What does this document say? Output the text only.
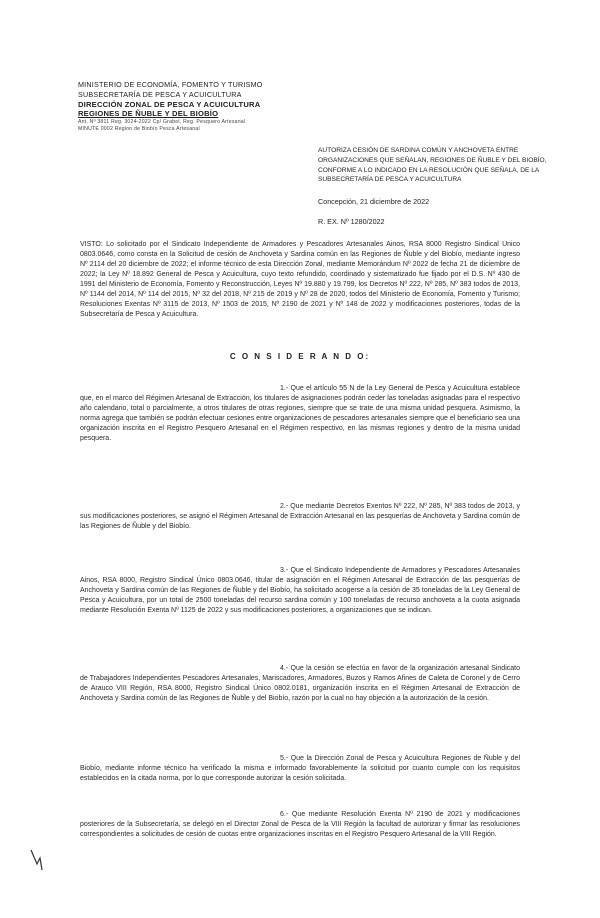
MINISTERIO DE ECONOMÍA, FOMENTO Y TURISMO
SUBSECRETARÍA DE PESCA Y ACUICULTURA
DIRECCIÓN ZONAL DE PESCA Y ACUICULTURA
REGIONES DE ÑUBLE Y DEL BIOBÍO
Ant. Nº 3811 Reg. 3024-2022 Cp/ Grabel, Reg. Pesquero Artesanal
MINUTE 0002 Region de Biobío Pesca Artesanal
AUTORIZA CESIÓN DE SARDINA COMÚN Y ANCHOVETA ENTRE
ORGANIZACIONES QUE SEÑALAN, REGIONES DE ÑUBLE Y DEL BIOBÍO,
CONFORME A LO INDICADO EN LA RESOLUCIÓN QUE SEÑALA, DE LA
SUBSECRETARÍA DE PESCA Y ACUICULTURA
Concepción, 21 diciembre de 2022
R. EX. Nº 1280/2022
VISTO: Lo solicitado por el Sindicato Independiente de Armadores y Pescadores Artesanales Ainos, RSA 8000 Registro Sindical Único 0803.0646, como consta en la Solicitud de cesión de Anchoveta y Sardina común en las Regiones de Ñuble y del Biobío, mediante ingreso Nº 2114 del 20 diciembre de 2022; el informe técnico de esta Dirección Zonal, mediante Memorándum Nº 2022 de fecha 21 de diciembre de 2022; la Ley Nº 18.892 General de Pesca y Acuicultura, cuyo texto refundido, coordinado y sistematizado fue fijado por el D.S. Nº 430 de 1991 del Ministerio de Economía, Fomento y Reconstrucción, Leyes Nº 19.880 y 19.799, los Decretos Nº 222, Nº 285, Nº 383 todos de 2013, Nº 1144 del 2014, Nº 114 del 2015, Nº 32 del 2018, Nº 215 de 2019 y Nº 28 de 2020, todos del Ministerio de Economía, Fomento y Turismo; Resoluciones Exentas Nº 3115 de 2013, Nº 1503 de 2015, Nº 2190 de 2021 y Nº 148 de 2022 y modificaciones posteriores, todas de la Subsecretaría de Pesca y Acuicultura.
C O N S I D E R A N D O:
1.- Que el artículo 55 N de la Ley General de Pesca y Acuicultura establece que, en el marco del Régimen Artesanal de Extracción, los titulares de asignaciones podrán ceder las toneladas asignadas para el respectivo año calendario, total o parcialmente, a otros titulares de otras regiones, siempre que se trate de una misma unidad pesquera. Asimismo, la norma agrega que también se podrán efectuar cesiones entre organizaciones de pescadores artesanales siempre que el beneficiario sea una organización inscrita en el Registro Pesquero Artesanal en el Régimen respectivo, en las mismas regiones y dentro de la misma unidad pesquera.
2.- Que mediante Decretos Exentos Nº 222, Nº 285, Nº 383 todos de 2013, y sus modificaciones posteriores, se asignó el Régimen Artesanal de Extracción Artesanal en las pesquerías de Anchoveta y Sardina común de las Regiones de Ñuble y del Biobío.
3.- Que el Sindicato Independiente de Armadores y Pescadores Artesanales Ainos, RSA 8000, Registro Sindical Único 0803.0646, titular de asignación en el Régimen Artesanal de Extracción de las pesquerías de Anchoveta y Sardina común de las Regiones de Ñuble y del Biobío, ha solicitado acogerse a la cesión de 35 toneladas de la Ley General de Pesca y Acuicultura, por un total de 2500 toneladas del recurso sardina común y 100 toneladas de recurso anchoveta a la cuota asignada mediante Resolución Exenta Nº 1125 de 2022 y sus modificaciones posteriores, a organizaciones que se indican.
4.- Que la cesión se efectúa en favor de la organización artesanal Sindicato de Trabajadores Independientes Pescadores Artesanales, Mariscadores, Armadores, Buzos y Ramos Afines de Caleta de Coronel y de Cerro de Arauco VIII Región, RSA 8000, Registro Sindical Único 0802.0181, organización inscrita en el Régimen Artesanal de Extracción de Anchoveta y Sardina común de las Regiones de Ñuble y del Biobío, razón por la cual no hay objeción a la autorización de la cesión.
5.- Que la Dirección Zonal de Pesca y Acuicultura Regiones de Ñuble y del Biobío, mediante informe técnico ha verificado la misma e informado favorablemente la solicitud por cuanto cumple con los requisitos establecidos en la citada norma, por lo que corresponde autorizar la cesión solicitada.
6.- Que mediante Resolución Exenta Nº 2190 de 2021 y modificaciones posteriores de la Subsecretaría, se delegó en el Director Zonal de Pesca de la VIII Región la facultad de autorizar y firmar las resoluciones correspondientes a solicitudes de cesión de cuotas entre organizaciones inscritas en el Registro Pesquero Artesanal de la VIII Región.
